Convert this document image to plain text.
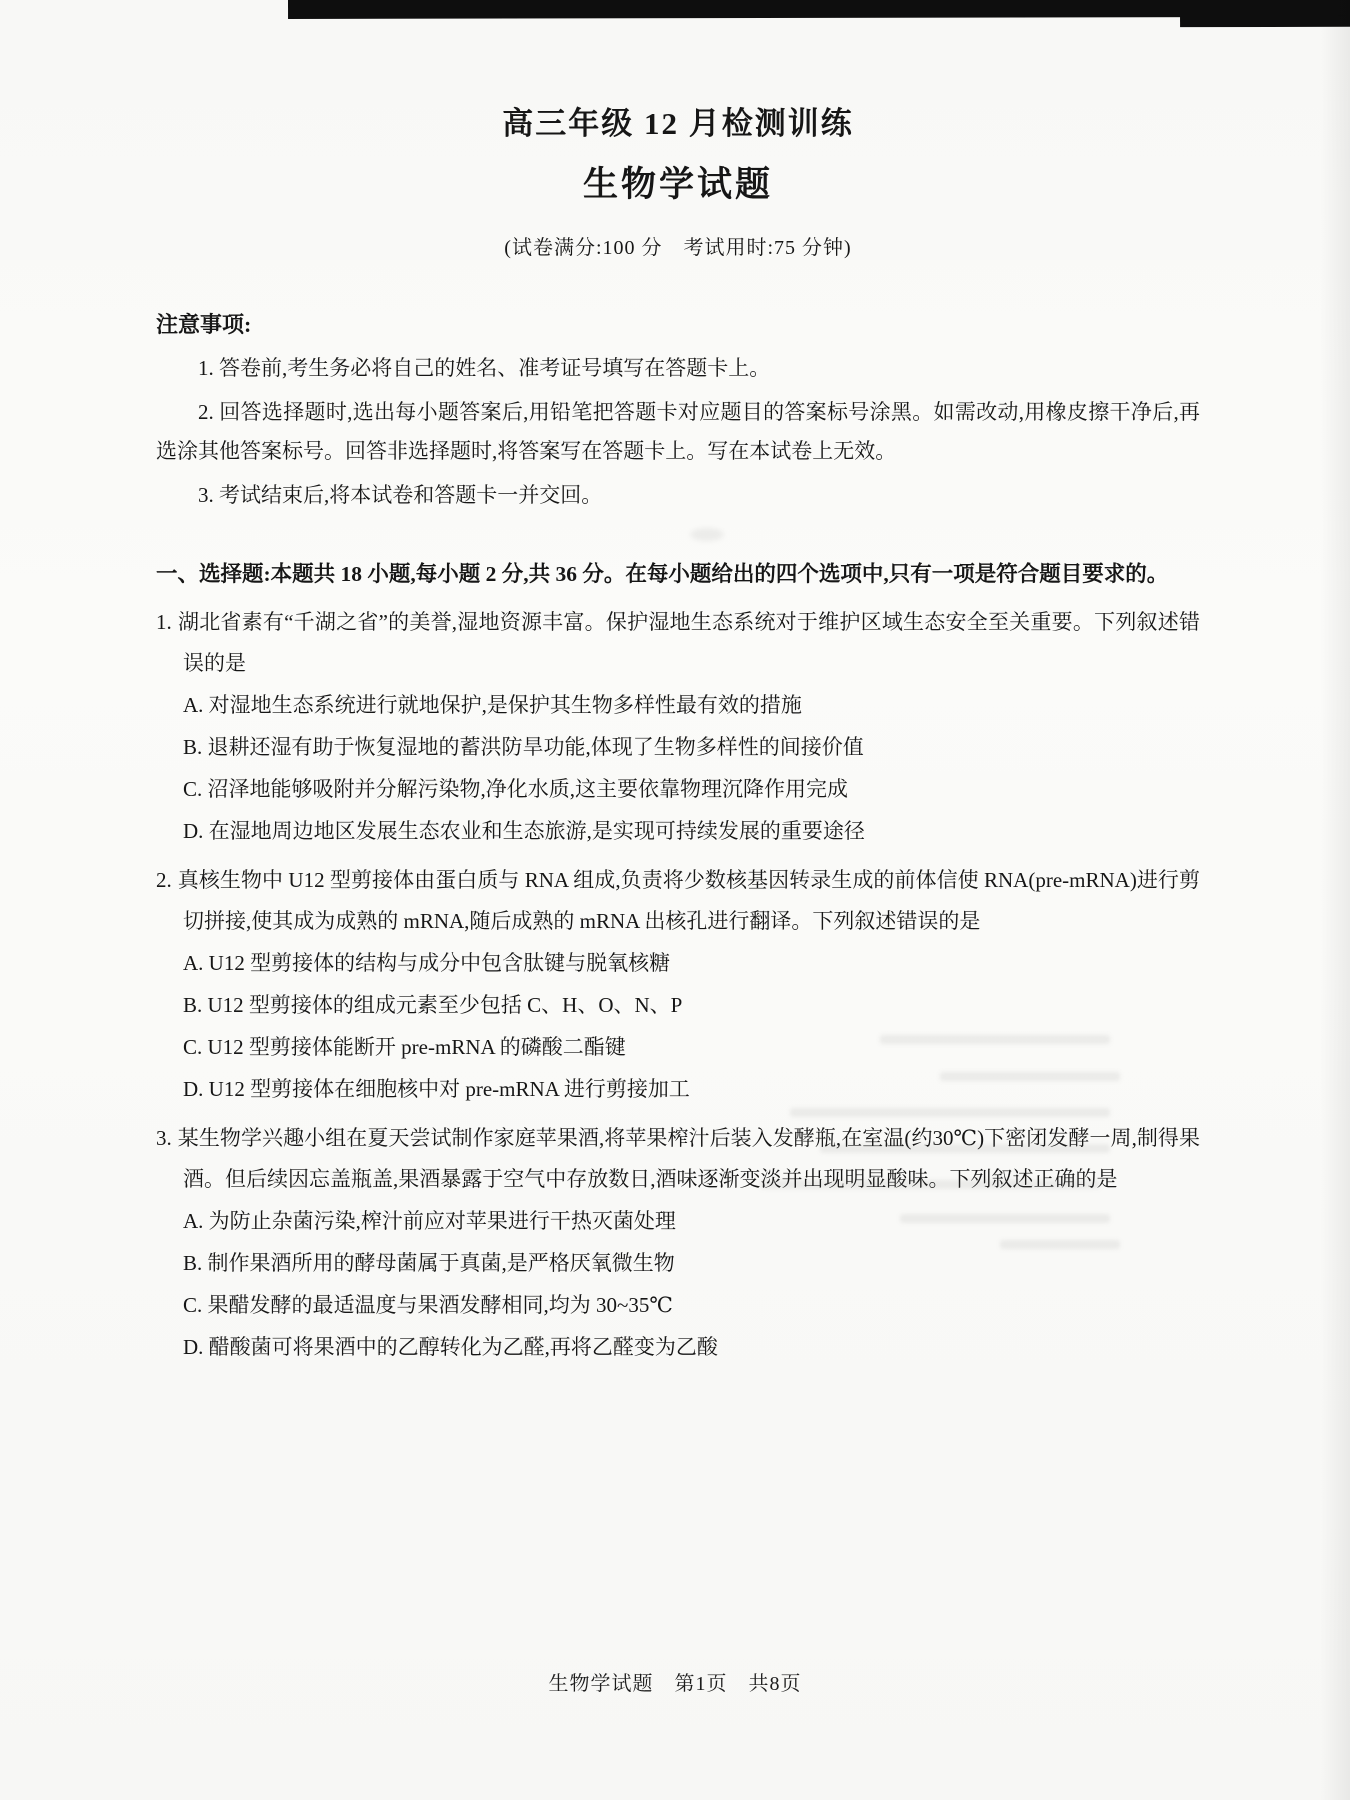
高三年级 12 月检测训练
生物学试题

(试卷满分:100 分　考试用时:75 分钟)

注意事项:

1. 答卷前,考生务必将自己的姓名、准考证号填写在答题卡上。

2. 回答选择题时,选出每小题答案后,用铅笔把答题卡对应题目的答案标号涂黑。如需改动,用橡皮擦干净后,再选涂其他答案标号。回答非选择题时,将答案写在答题卡上。写在本试卷上无效。

3. 考试结束后,将本试卷和答题卡一并交回。

一、选择题:本题共 18 小题,每小题 2 分,共 36 分。在每小题给出的四个选项中,只有一项是符合题目要求的。

1. 湖北省素有“千湖之省”的美誉,湿地资源丰富。保护湿地生态系统对于维护区域生态安全至关重要。下列叙述错误的是

A. 对湿地生态系统进行就地保护,是保护其生物多样性最有效的措施

B. 退耕还湿有助于恢复湿地的蓄洪防旱功能,体现了生物多样性的间接价值

C. 沼泽地能够吸附并分解污染物,净化水质,这主要依靠物理沉降作用完成

D. 在湿地周边地区发展生态农业和生态旅游,是实现可持续发展的重要途径

2. 真核生物中 U12 型剪接体由蛋白质与 RNA 组成,负责将少数核基因转录生成的前体信使 RNA(pre-mRNA)进行剪切拼接,使其成为成熟的 mRNA,随后成熟的 mRNA 出核孔进行翻译。下列叙述错误的是

A. U12 型剪接体的结构与成分中包含肽键与脱氧核糖

B. U12 型剪接体的组成元素至少包括 C、H、O、N、P

C. U12 型剪接体能断开 pre-mRNA 的磷酸二酯键

D. U12 型剪接体在细胞核中对 pre-mRNA 进行剪接加工

3. 某生物学兴趣小组在夏天尝试制作家庭苹果酒,将苹果榨汁后装入发酵瓶,在室温(约30℃)下密闭发酵一周,制得果酒。但后续因忘盖瓶盖,果酒暴露于空气中存放数日,酒味逐渐变淡并出现明显酸味。下列叙述正确的是

A. 为防止杂菌污染,榨汁前应对苹果进行干热灭菌处理

B. 制作果酒所用的酵母菌属于真菌,是严格厌氧微生物

C. 果醋发酵的最适温度与果酒发酵相同,均为 30~35℃

D. 醋酸菌可将果酒中的乙醇转化为乙醛,再将乙醛变为乙酸

生物学试题　第1页　共8页
